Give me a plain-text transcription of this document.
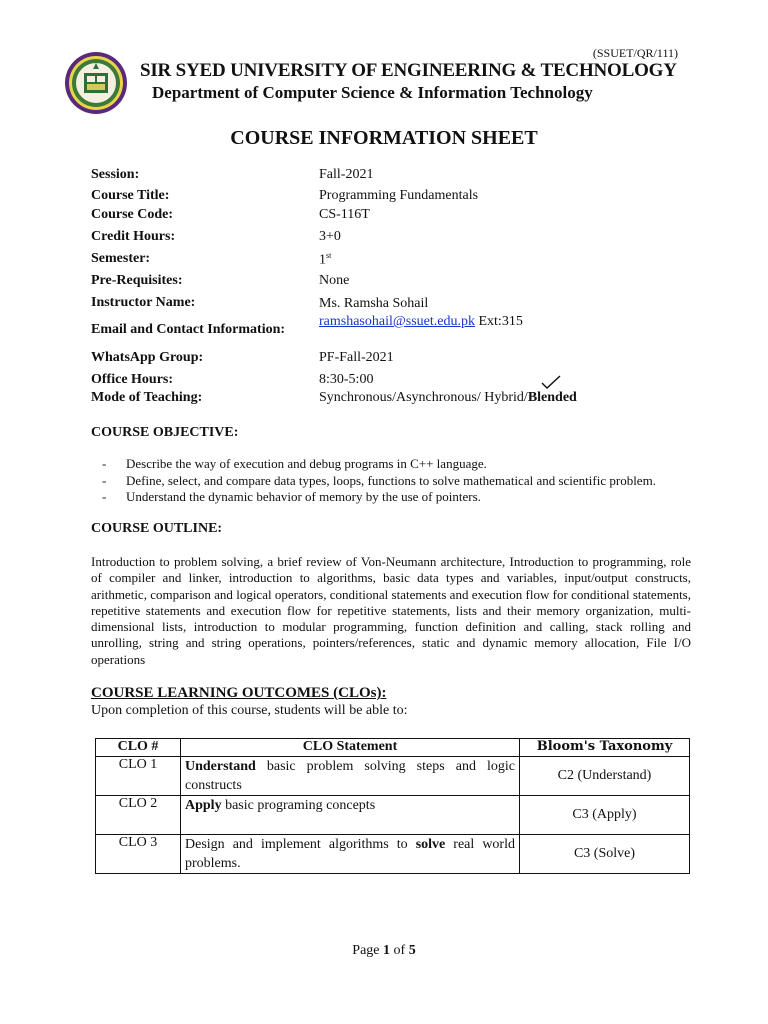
(SSUET/QR/111)
SIR SYED UNIVERSITY OF ENGINEERING & TECHNOLOGY
Department of Computer Science & Information Technology
COURSE INFORMATION SHEET
Session:	Fall-2021
Course Title:	Programming Fundamentals
Course Code:	CS-116T
Credit Hours:	3+0
Semester:	1st
Pre-Requisites:	None
Instructor Name:	Ms. Ramsha Sohail
Email and Contact Information:
ramshasohail@ssuet.edu.pk Ext:315
WhatsApp Group:	PF-Fall-2021
Office Hours:	8:30-5:00
Mode of Teaching:	Synchronous/Asynchronous/ Hybrid/Blended
COURSE OBJECTIVE:
- Describe the way of execution and debug programs in C++ language.
- Define, select, and compare data types, loops, functions to solve mathematical and scientific problem.
- Understand the dynamic behavior of memory by the use of pointers.
COURSE OUTLINE:
Introduction to problem solving, a brief review of Von-Neumann architecture, Introduction to programming, role of compiler and linker, introduction to algorithms, basic data types and variables, input/output constructs, arithmetic, comparison and logical operators, conditional statements and execution flow for conditional statements, repetitive statements and execution flow for repetitive statements, lists and their memory organization, multi-dimensional lists, introduction to modular programming, function definition and calling, stack rolling and unrolling, string and string operations, pointers/references, static and dynamic memory allocation, File I/O operations
COURSE LEARNING OUTCOMES (CLOs):
Upon completion of this course, students will be able to:
CLO #	CLO Statement	Bloom's Taxonomy
CLO 1	Understand basic problem solving steps and logic constructs	C2 (Understand)
CLO 2	Apply basic programing concepts	C3 (Apply)
CLO 3	Design and implement algorithms to solve real world problems.	C3 (Solve)
Page 1 of 5
